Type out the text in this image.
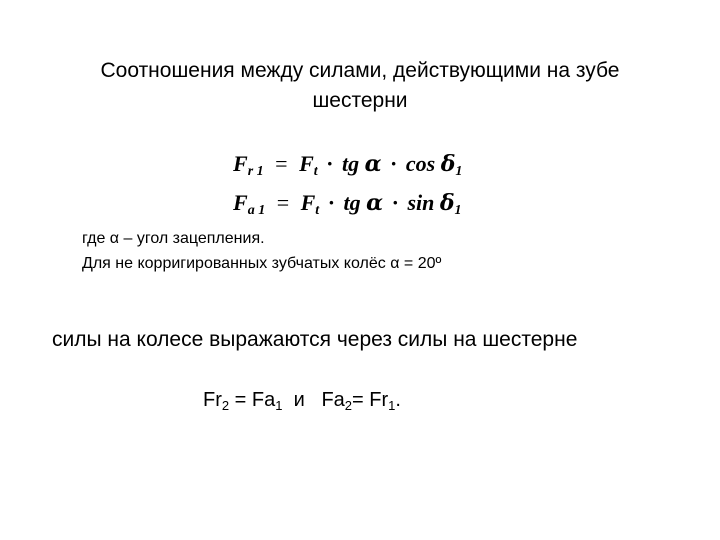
Соотношения между силами, действующими на зубе
шестерни
$F_{r 1} = F_t$ · tg $\alpha \cdot \cos \delta_1$
$F_{a 1} = F_t$ · tg $\alpha \cdot \sin \delta_1$
где α – угол зацепления.
Для не корригированных зубчатых колёс α = 20º
силы на колесе выражаются через силы на шестерне
$Fr_2 = Fa_1$  и   $Fa_2= Fr_1$.
